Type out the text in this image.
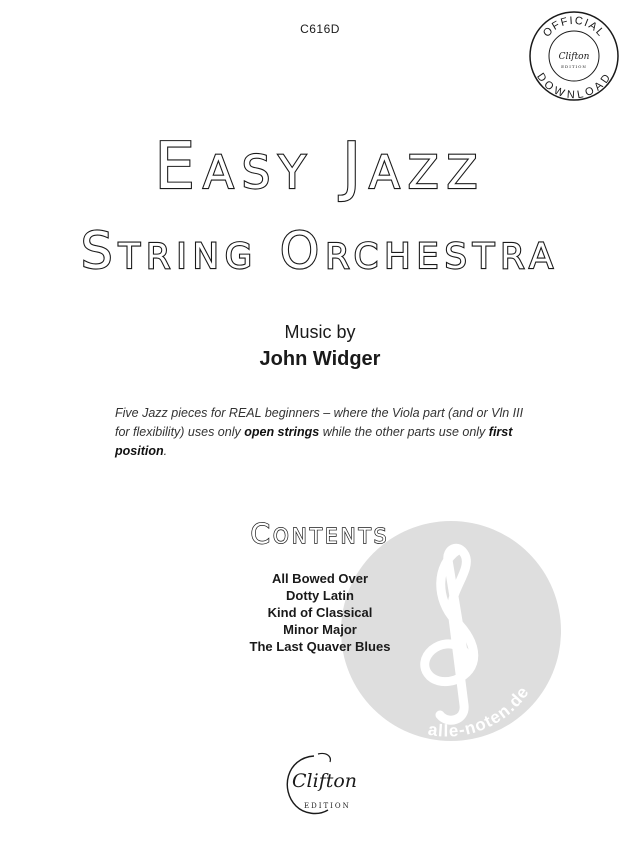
C616D	OFFICIAL
DOWNLOAD
Clifton
EDITION
Easy Jazz
String Orchestra
Music by
John Widger
Five Jazz pieces for REAL beginners – where the Viola part (and or Vln III for flexibility) uses only open strings while the other parts use only first position.
alle-noten.de
Contents
All Bowed Over
Dotty Latin
Kind of Classical
Minor Major
The Last Quaver Blues
Clifton
EDITION
